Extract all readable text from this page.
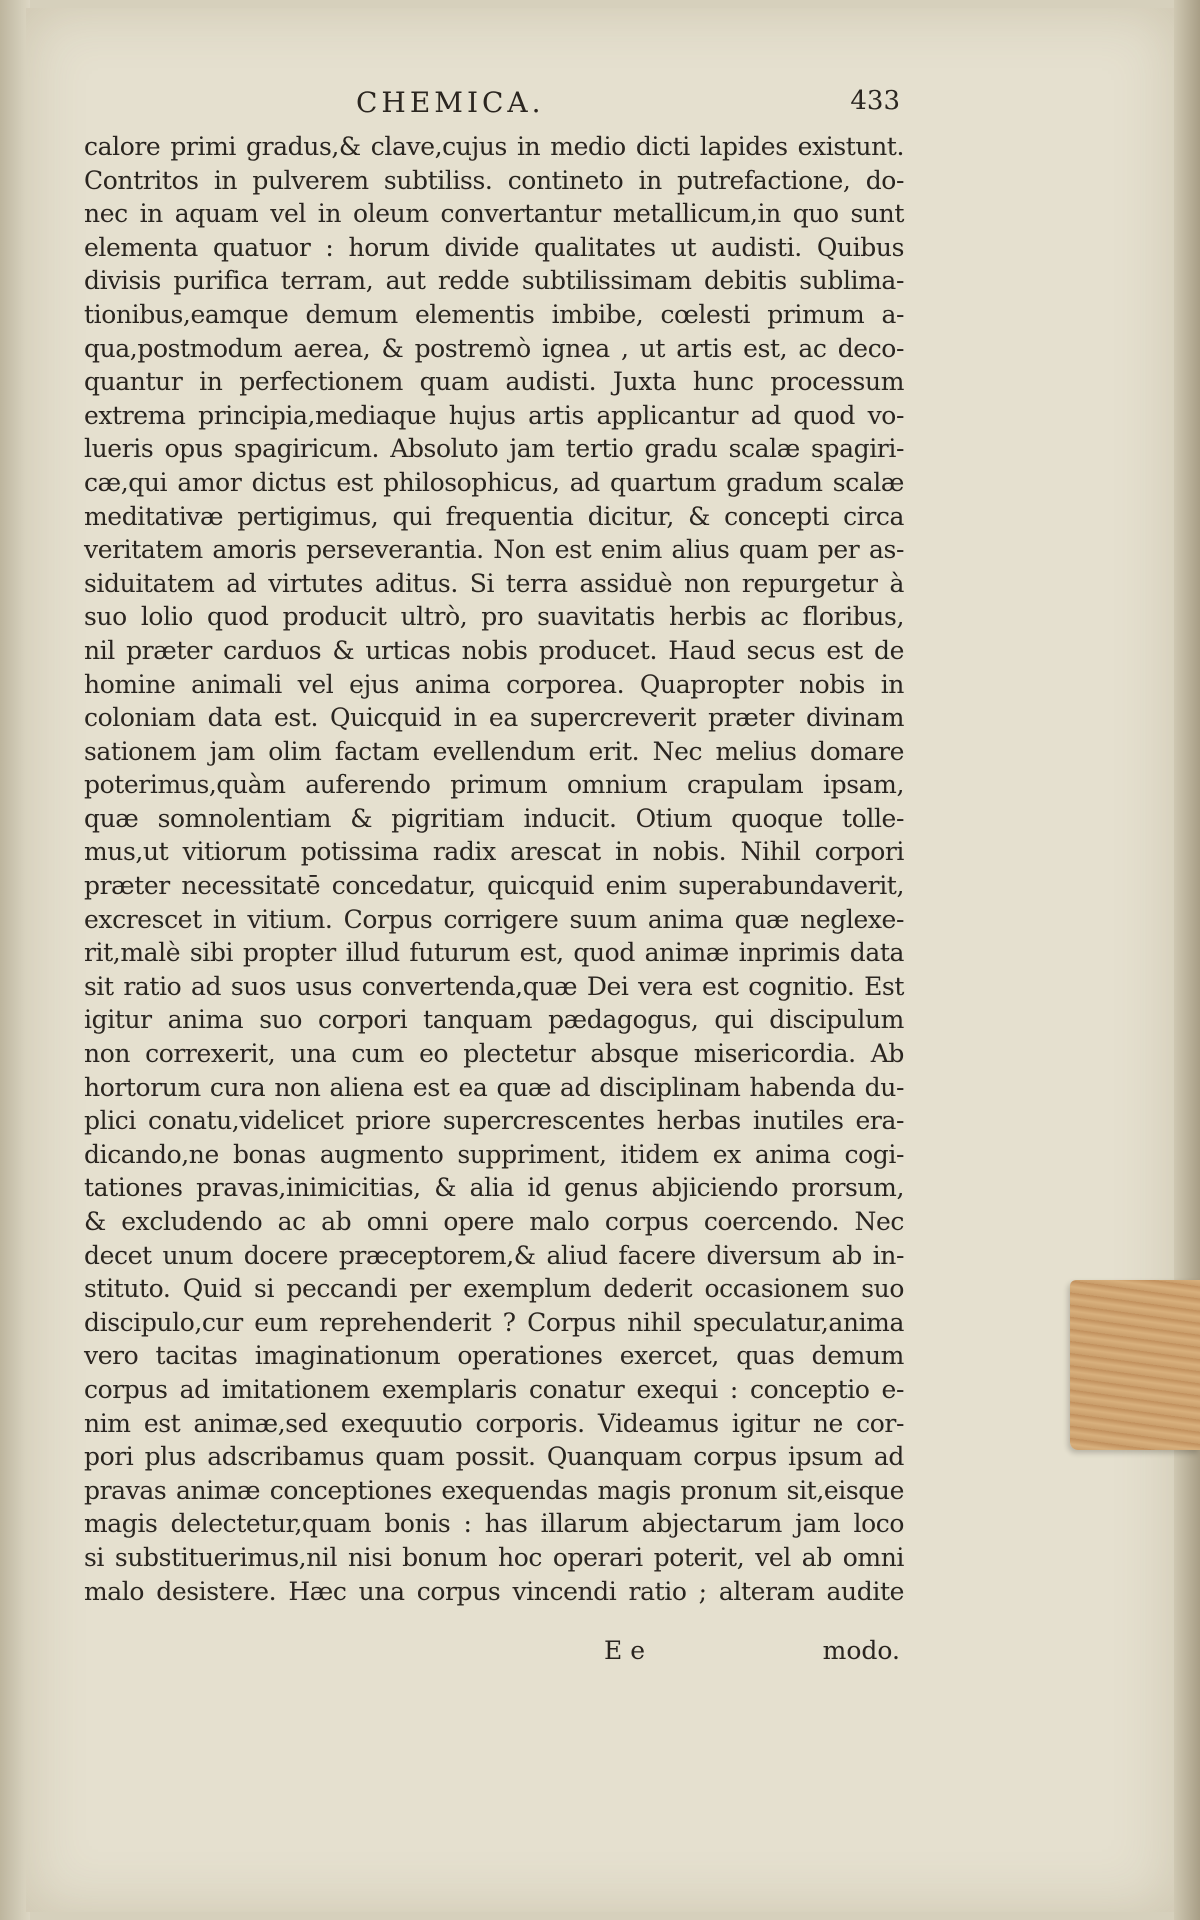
CHEMICA.	433
calore primi gradus,& clave,cujus in medio dicti lapides existunt.
Contritos in pulverem subtiliss. contineto in putrefactione, do-
nec in aquam vel in oleum convertantur metallicum,in quo sunt
elementa quatuor : horum divide qualitates ut audisti. Quibus
divisis purifica terram, aut redde subtilissimam debitis sublima-
tionibus,eamque demum elementis imbibe, cœlesti primum a-
qua,postmodum aerea, & postremò ignea , ut artis est, ac deco-
quantur in perfectionem quam audisti. Juxta hunc processum
extrema principia,mediaque hujus artis applicantur ad quod vo-
lueris opus spagiricum. Absoluto jam tertio gradu scalæ spagiri-
cæ,qui amor dictus est philosophicus, ad quartum gradum scalæ
meditativæ pertigimus, qui frequentia dicitur, & concepti circa
veritatem amoris perseverantia. Non est enim alius quam per as-
siduitatem ad virtutes aditus. Si terra assiduè non repurgetur à
suo lolio quod producit ultrò, pro suavitatis herbis ac floribus,
nil præter carduos & urticas nobis producet. Haud secus est de
homine animali vel ejus anima corporea. Quapropter nobis in
coloniam data est. Quicquid in ea supercreverit præter divinam
sationem jam olim factam evellendum erit. Nec melius domare
poterimus,quàm auferendo primum omnium crapulam ipsam,
quæ somnolentiam & pigritiam inducit. Otium quoque tolle-
mus,ut vitiorum potissima radix arescat in nobis. Nihil corpori
præter necessitatē concedatur, quicquid enim superabundaverit,
excrescet in vitium. Corpus corrigere suum anima quæ neglexe-
rit,malè sibi propter illud futurum est, quod animæ inprimis data
sit ratio ad suos usus convertenda,quæ Dei vera est cognitio. Est
igitur anima suo corpori tanquam pædagogus, qui discipulum
non correxerit, una cum eo plectetur absque misericordia. Ab
hortorum cura non aliena est ea quæ ad disciplinam habenda du-
plici conatu,videlicet priore supercrescentes herbas inutiles era-
dicando,ne bonas augmento suppriment, itidem ex anima cogi-
tationes pravas,inimicitias, & alia id genus abjiciendo prorsum,
& excludendo ac ab omni opere malo corpus coercendo. Nec
decet unum docere præceptorem,& aliud facere diversum ab in-
stituto. Quid si peccandi per exemplum dederit occasionem suo
discipulo,cur eum reprehenderit ? Corpus nihil speculatur,anima
vero tacitas imaginationum operationes exercet, quas demum
corpus ad imitationem exemplaris conatur exequi : conceptio e-
nim est animæ,sed exequutio corporis. Videamus igitur ne cor-
pori plus adscribamus quam possit. Quanquam corpus ipsum ad
pravas animæ conceptiones exequendas magis pronum sit,eisque
magis delectetur,quam bonis : has illarum abjectarum jam loco
si substituerimus,nil nisi bonum hoc operari poterit, vel ab omni
malo desistere. Hæc una corpus vincendi ratio ; alteram audite
E e	modo.
